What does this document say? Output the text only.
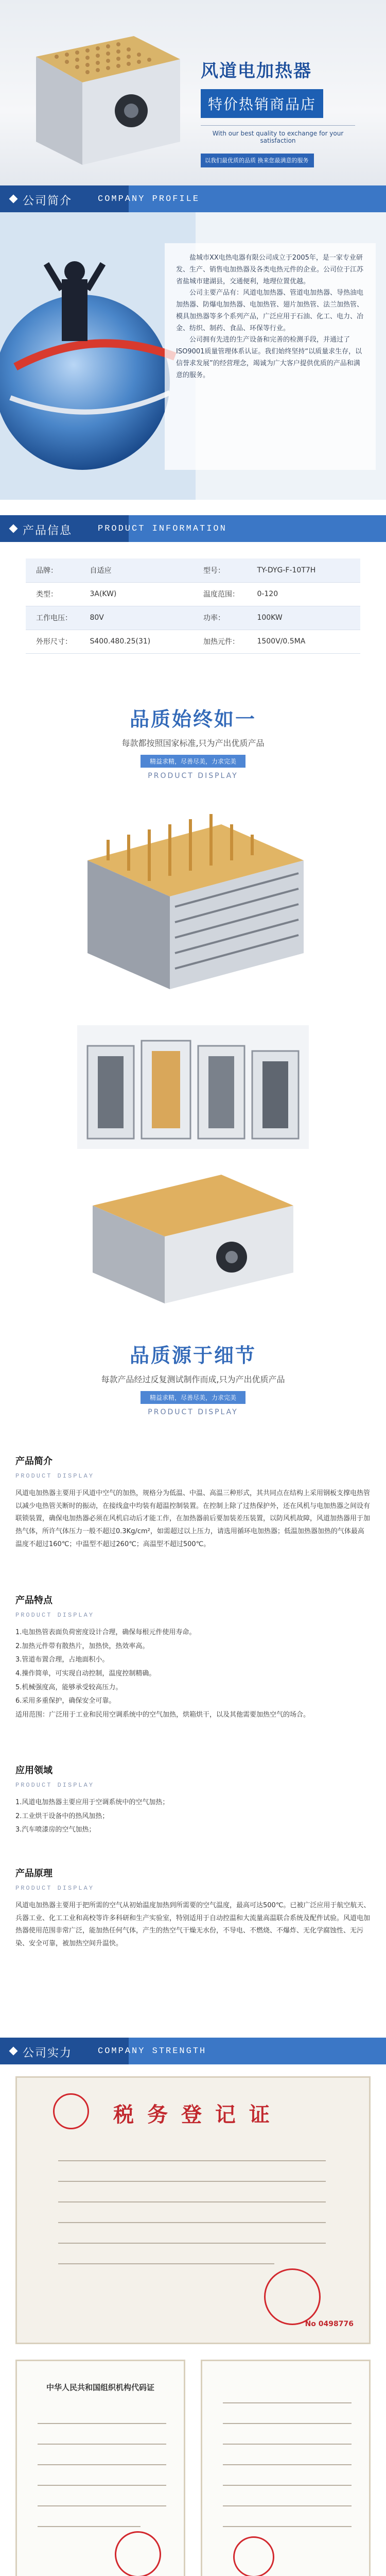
风道电加热器
特价热销商品店
With our best quality to exchange for your satisfaction
以我们最优质的品质 换来您最满意的服务
公司简介	COMPANY PROFILE

盐城市XX电热电器有限公司成立于2005年，是一家专业研发、生产、销售电加热器及各类电热元件的企业。公司位于江苏省盐城市建湖县，交通便利，地理位置优越。

公司主要产品有：风道电加热器、管道电加热器、导热油电加热器、防爆电加热器、电加热管、翅片加热管、法兰加热管、模具加热器等多个系列产品，广泛应用于石油、化工、电力、冶金、纺织、制药、食品、环保等行业。

公司拥有先进的生产设备和完善的检测手段，并通过了ISO9001质量管理体系认证。我们始终坚持“以质量求生存，以信誉求发展”的经营理念，竭诚为广大客户提供优质的产品和满意的服务。

产品信息	PRODUCT INFORMATION
品牌：	自适应	型号：	TY-DYG-F-10T7H
类型：	3A(KW)	温度范围：	0-120
工作电压：	80V	功率：	100KW
外形尺寸：	S400.480.25(31)	加热元件：	1500V/0.5MA
品质始终如一
每款都按照国家标准,只为产出优质产品
精益求精，尽善尽美，力求完美
PRODUCT DISPLAY
品质源于细节
每款产品经过反复测试制作而成,只为产出优质产品
精益求精，尽善尽美，力求完美
PRODUCT DISPLAY
产品简介
PRODUCT DISPLAY

风道电加热器主要用于风道中空气的加热，规格分为低温、中温、高温三种形式，其共同点在结构上采用钢板支撑电热管以减少电热管关断时的振动，在接线盒中均装有超温控制装置。在控制上除了过热保护外，还在风机与电加热器之间设有联锁装置，确保电加热器必须在风机启动后才能工作，在加热器前后要加装差压装置，以防风机故障，风道加热器用于加热气体，所许气体压力一般不超过0.3Kg/cm²，如需超过以上压力，请选用循环电加热器；低温加热器加热的气体最高温度不超过160℃；中温型不超过260℃；高温型不超过500℃。

产品特点
PRODUCT DISPLAY

1.电加热管表面负荷密度设计合理，确保每根元件使用寿命。

2.加热元件带有散热片，加热快，热效率高。

3.管道布置合理，占地面积小。

4.操作简单，可实现自动控制，温度控制精确。

5.机械强度高，能够承受较高压力。

6.采用多重保护，确保安全可靠。

适用范围：广泛用于工业和民用空调系统中的空气加热，烘箱烘干，以及其他需要加热空气的场合。

应用领域
PRODUCT DISPLAY

1.风道电加热器主要应用于空调系统中的空气加热；

2.工业烘干设备中的热风加热；

3.汽车喷漆房的空气加热；

产品原理
PRODUCT DISPLAY

风道电加热器主要用于把所需的空气从初始温度加热到所需要的空气温度，最高可达500℃。已被广泛应用于航空航天、兵器工业、化工工业和高校等许多科研和生产实验室，特别适用于自动控温和大流量高温联合系统及配件试验。风道电加热器使用范围非常广泛，能加热任何气体，产生的热空气干燥无水份，不导电、不燃烧、不爆炸、无化学腐蚀性、无污染、安全可靠，被加热空间升温快。

公司实力	COMPANY STRENGTH
税 务 登 记 证
No 0498776
中华人民共和国组织机构代码证
